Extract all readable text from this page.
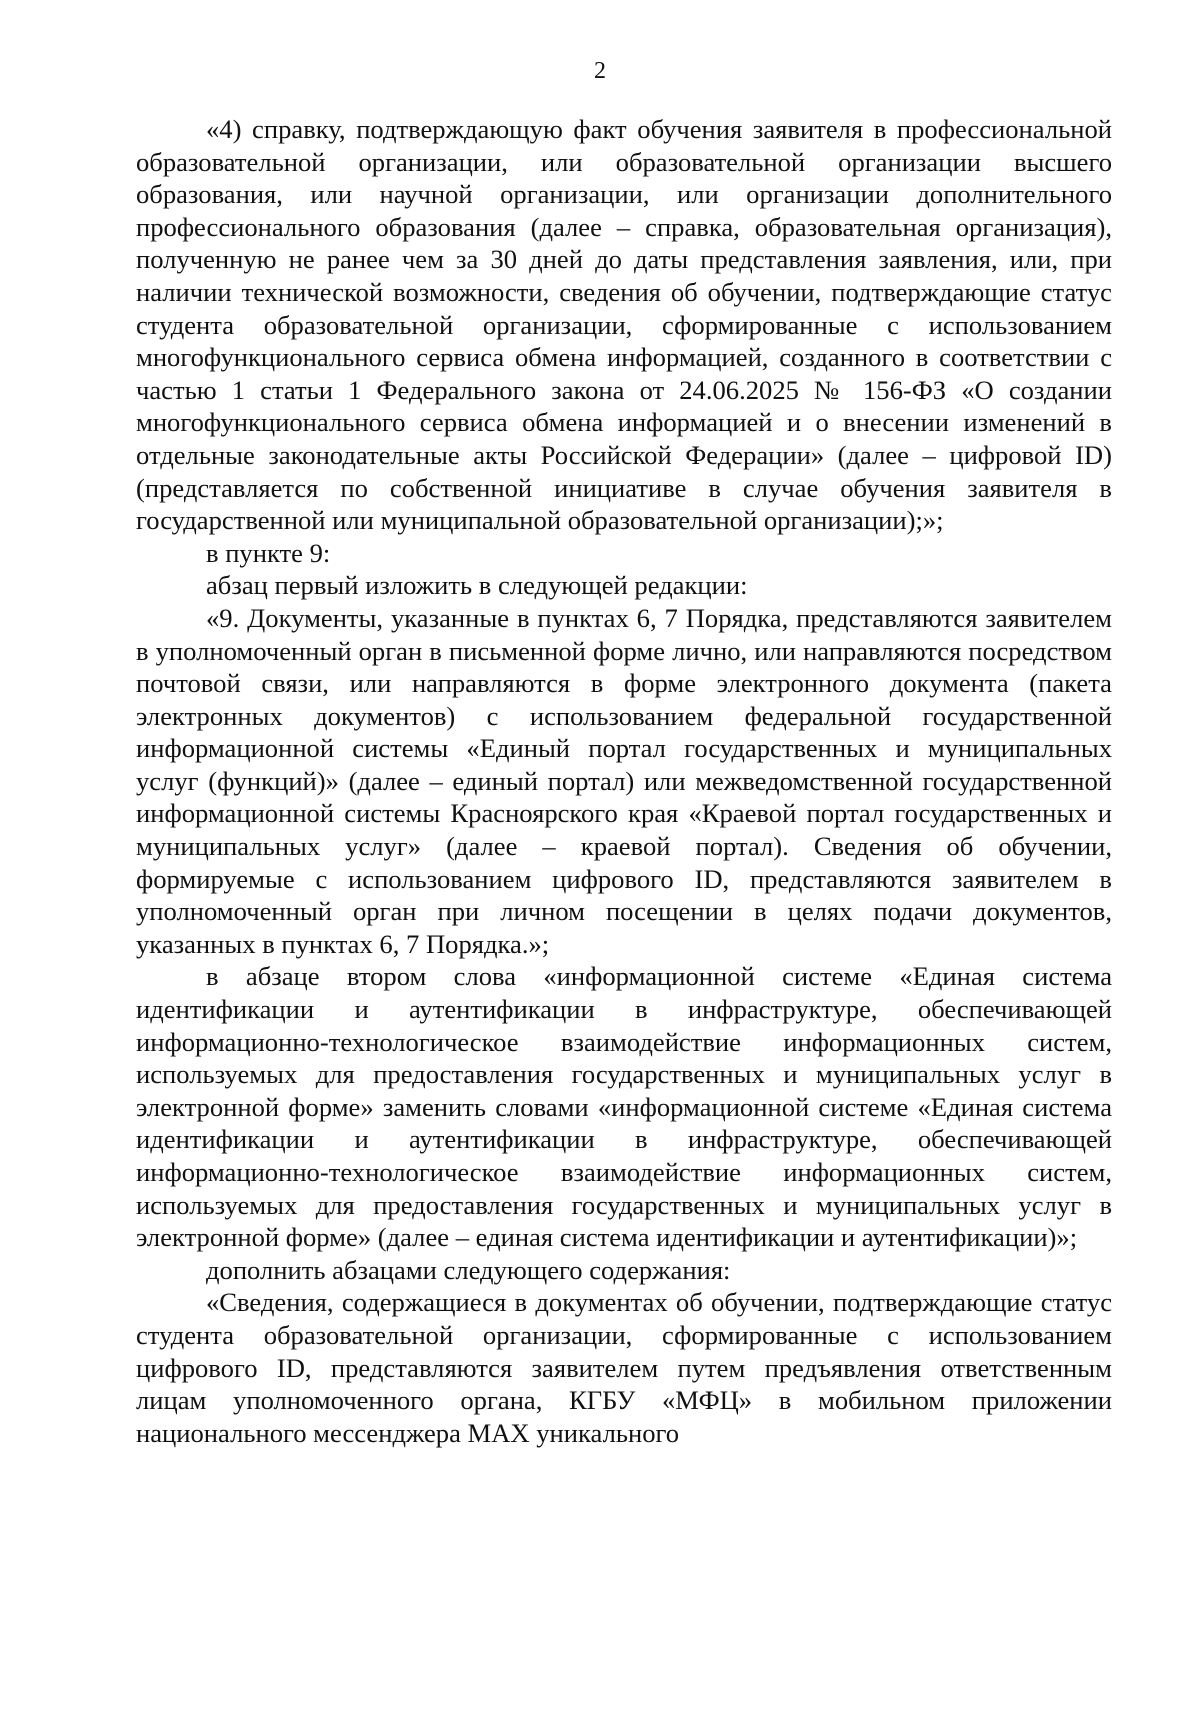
2

«4) справку, подтверждающую факт обучения заявителя в профессиональной образовательной организации, или образовательной организации высшего образования, или научной организации, или организации дополнительного профессионального образования (далее – справка, образовательная организация), полученную не ранее чем за 30 дней до даты представления заявления, или, при наличии технической возможности, сведения об обучении, подтверждающие статус студента образовательной организации, сформированные с использованием многофункционального сервиса обмена информацией, созданного в соответствии с частью 1 статьи 1 Федерального закона от 24.06.2025 № 156-ФЗ «О создании многофункционального сервиса обмена информацией и о внесении изменений в отдельные законодательные акты Российской Федерации» (далее – цифровой ID) (представляется по собственной инициативе в случае обучения заявителя в государственной или муниципальной образовательной организации);»;

в пункте 9:

абзац первый изложить в следующей редакции:

«9. Документы, указанные в пунктах 6, 7 Порядка, представляются заявителем в уполномоченный орган в письменной форме лично, или направляются посредством почтовой связи, или направляются в форме электронного документа (пакета электронных документов) с использованием федеральной государственной информационной системы «Единый портал государственных и муниципальных услуг (функций)» (далее – единый портал) или межведомственной государственной информационной системы Красноярского края «Краевой портал государственных и муниципальных услуг» (далее – краевой портал). Сведения об обучении, формируемые с использованием цифрового ID, представляются заявителем в уполномоченный орган при личном посещении в целях подачи документов, указанных в пунктах 6, 7 Порядка.»;

в абзаце втором слова «информационной системе «Единая система идентификации и аутентификации в инфраструктуре, обеспечивающей информационно-технологическое взаимодействие информационных систем, используемых для предоставления государственных и муниципальных услуг в электронной форме» заменить словами «информационной системе «Единая система идентификации и аутентификации в инфраструктуре, обеспечивающей информационно-технологическое взаимодействие информационных систем, используемых для предоставления государственных и муниципальных услуг в электронной форме» (далее – единая система идентификации и аутентификации)»;

дополнить абзацами следующего содержания:

«Сведения, содержащиеся в документах об обучении, подтверждающие статус студента образовательной организации, сформированные с использованием цифрового ID, представляются заявителем путем предъявления ответственным лицам уполномоченного органа, КГБУ «МФЦ» в мобильном приложении национального мессенджера MAX уникального
